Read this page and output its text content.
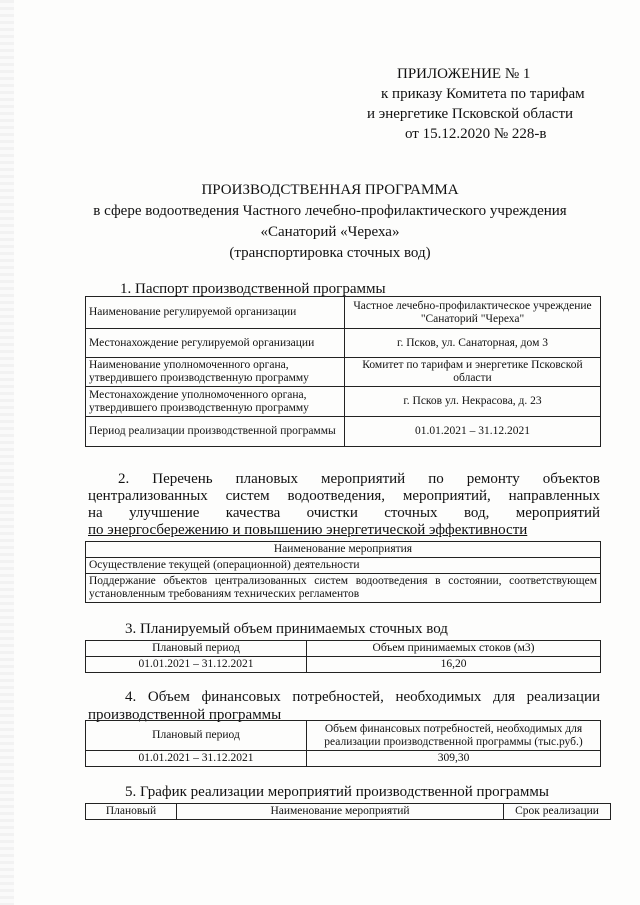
ПРИЛОЖЕНИЕ № 1
к приказу Комитета по тарифам
и энергетике Псковской области
от 15.12.2020 № 228-в
ПРОИЗВОДСТВЕННАЯ ПРОГРАММА
в сфере водоотведения Частного лечебно-профилактического учреждения
«Санаторий «Череха»
(транспортировка сточных вод)
1. Паспорт производственной программы
Наименование регулируемой организации	Частное лечебно-профилактическое учреждение "Санаторий "Череха"
Местонахождение регулируемой организации	г. Псков, ул. Санаторная, дом 3
Наименование уполномоченного органа, утвердившего производственную программу	Комитет по тарифам и энергетике Псковской области
Местонахождение уполномоченного органа, утвердившего производственную программу	г. Псков ул. Некрасова, д. 23
Период реализации производственной программы	01.01.2021 – 31.12.2021
2. Перечень плановых мероприятий по ремонту объектов
централизованных систем водоотведения, мероприятий, направленных
на улучшение качества очистки сточных вод, мероприятий
по энергосбережению и повышению энергетической эффективности
Наименование мероприятия
Осуществление текущей (операционной) деятельности
Поддержание объектов централизованных систем водоотведения в состоянии, соответствующем установленным требованиям технических регламентов
3. Планируемый объем принимаемых сточных вод
Плановый период	Объем принимаемых стоков (м3)
01.01.2021 – 31.12.2021	16,20
4. Объем финансовых потребностей, необходимых для реализации
производственной программы
Плановый период	Объем финансовых потребностей, необходимых для реализации производственной программы (тыс.руб.)
01.01.2021 – 31.12.2021	309,30
5. График реализации мероприятий производственной программы
Плановый	Наименование мероприятий	Срок реализации
